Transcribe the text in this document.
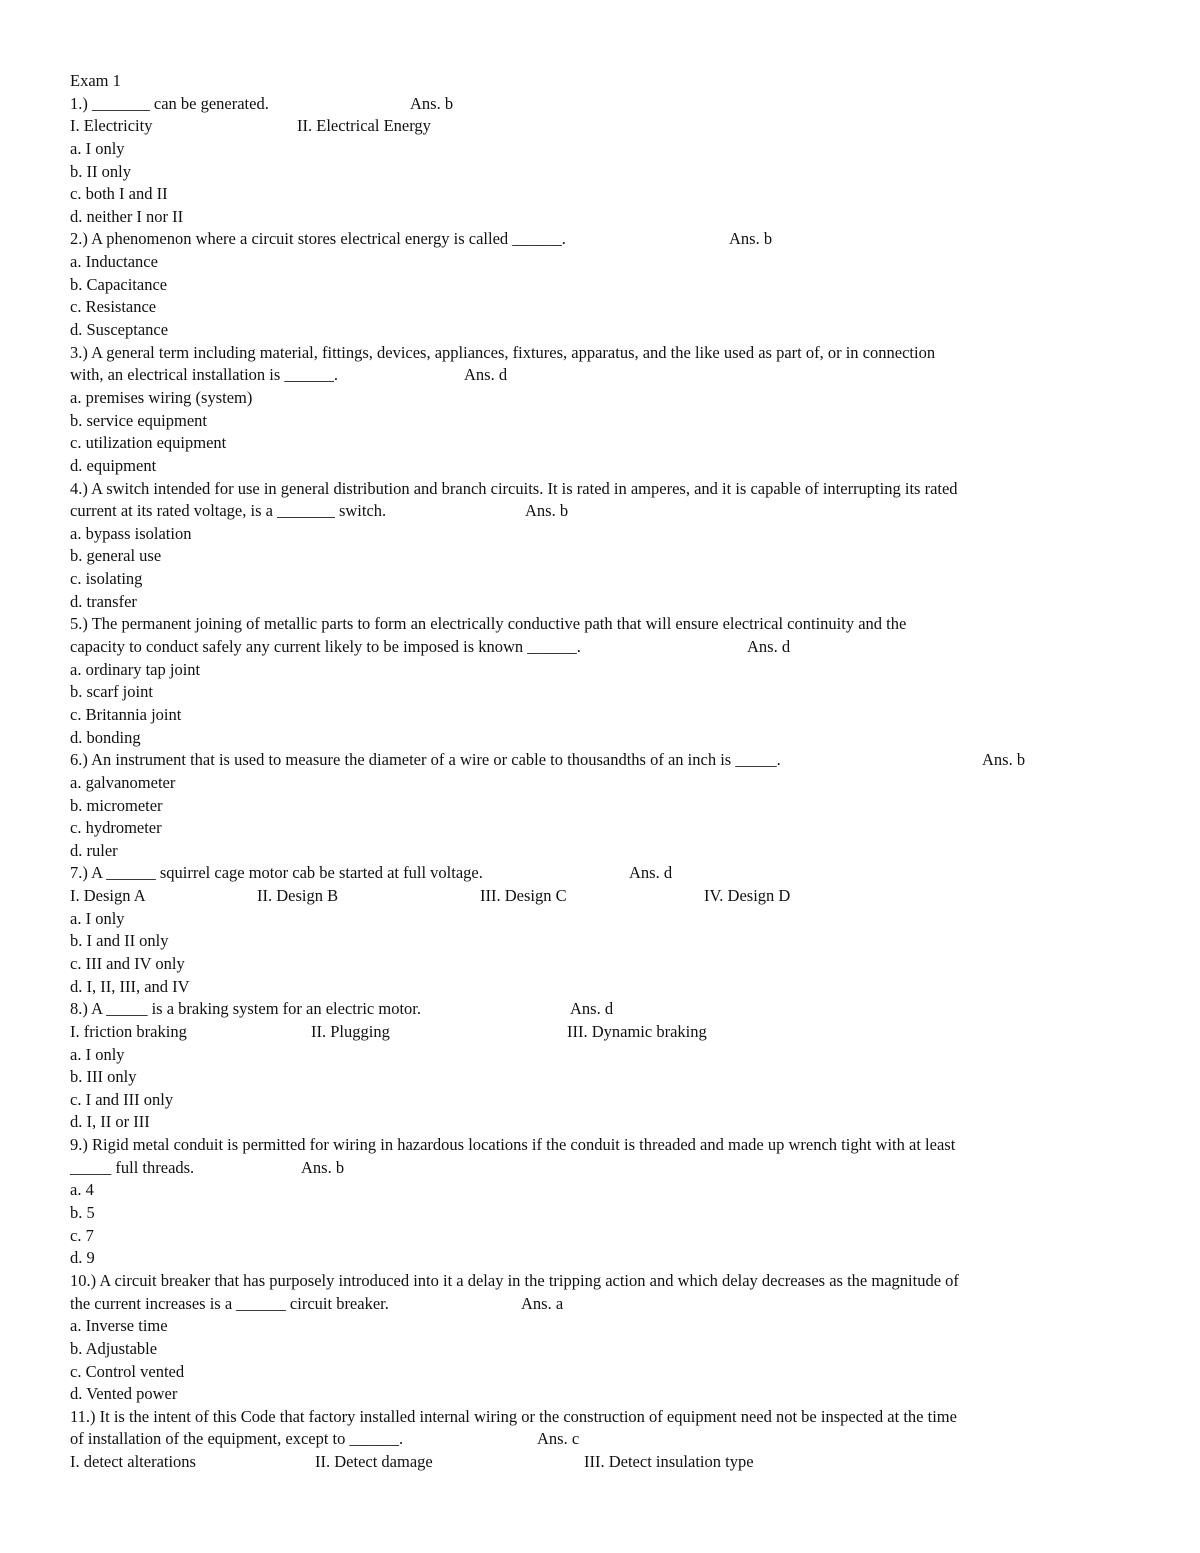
Exam 1
1.) _______ can be generated.	Ans. b
I. Electricity	II. Electrical Energy
a. I only
b. II only
c. both I and II
d. neither I nor II
2.) A phenomenon where a circuit stores electrical energy is called ______.	Ans. b
a. Inductance
b. Capacitance
c. Resistance
d. Susceptance
3.) A general term including material, fittings, devices, appliances, fixtures, apparatus, and the like used as part of, or in connection
with, an electrical installation is ______.	Ans. d
a. premises wiring (system)
b. service equipment
c. utilization equipment
d. equipment
4.) A switch intended for use in general distribution and branch circuits. It is rated in amperes, and it is capable of interrupting its rated
current at its rated voltage, is a _______ switch.	Ans. b
a. bypass isolation
b. general use
c. isolating
d. transfer
5.) The permanent joining of metallic parts to form an electrically conductive path that will ensure electrical continuity and the
capacity to conduct safely any current likely to be imposed is known ______.	Ans. d
a. ordinary tap joint
b. scarf joint
c. Britannia joint
d. bonding
6.) An instrument that is used to measure the diameter of a wire or cable to thousandths of an inch is _____.	Ans. b
a. galvanometer
b. micrometer
c. hydrometer
d. ruler
7.) A ______ squirrel cage motor cab be started at full voltage.	Ans. d
I. Design A	II. Design B	III. Design C	IV. Design D
a. I only
b. I and II only
c. III and IV only
d. I, II, III, and IV
8.) A _____ is a braking system for an electric motor.	Ans. d
I. friction braking	II. Plugging	III. Dynamic braking
a. I only
b. III only
c. I and III only
d. I, II or III
9.) Rigid metal conduit is permitted for wiring in hazardous locations if the conduit is threaded and made up wrench tight with at least
_____ full threads.	Ans. b
a. 4
b. 5
c. 7
d. 9
10.) A circuit breaker that has purposely introduced into it a delay in the tripping action and which delay decreases as the magnitude of
the current increases is a ______ circuit breaker.	Ans. a
a. Inverse time
b. Adjustable
c. Control vented
d. Vented power
11.) It is the intent of this Code that factory installed internal wiring or the construction of equipment need not be inspected at the time
of installation of the equipment, except to ______.	Ans. c
I. detect alterations	II. Detect damage	III. Detect insulation type
